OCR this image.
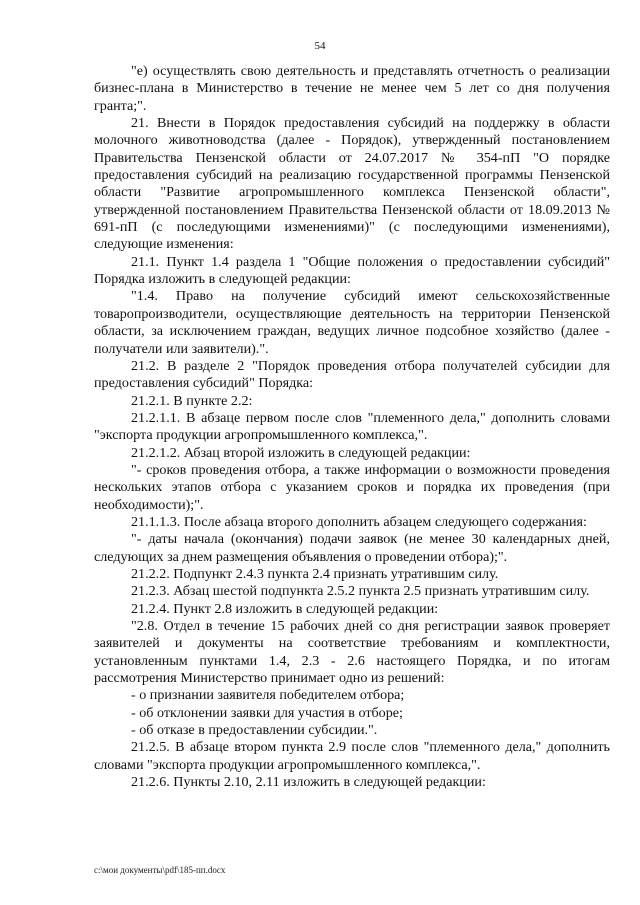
54

"е) осуществлять свою деятельность и представлять отчетность о реализации бизнес-плана в Министерство в течение не менее чем 5 лет со дня получения гранта;".

21. Внести в Порядок предоставления субсидий на поддержку в области молочного животноводства (далее - Порядок), утвержденный постановлением Правительства Пензенской области от 24.07.2017 № 354-пП "О порядке предоставления субсидий на реализацию государственной программы Пензенской области "Развитие агропромышленного комплекса Пензенской области", утвержденной постановлением Правительства Пензенской области от 18.09.2013 № 691-пП (с последующими изменениями)" (с последующими изменениями), следующие изменения:

21.1. Пункт 1.4 раздела 1 "Общие положения о предоставлении субсидий" Порядка изложить в следующей редакции:

"1.4. Право на получение субсидий имеют сельскохозяйственные товаропроизводители, осуществляющие деятельность на территории Пензенской области, за исключением граждан, ведущих личное подсобное хозяйство (далее - получатели или заявители).".

21.2. В разделе 2 "Порядок проведения отбора получателей субсидии для предоставления субсидий" Порядка:

21.2.1. В пункте 2.2:

21.2.1.1. В абзаце первом после слов "племенного дела," дополнить словами "экспорта продукции агропромышленного комплекса,".

21.2.1.2. Абзац второй изложить в следующей редакции:

"- сроков проведения отбора, а также информации о возможности проведения нескольких этапов отбора с указанием сроков и порядка их проведения (при необходимости);".

21.1.1.3. После абзаца второго дополнить абзацем следующего содержания:

"- даты начала (окончания) подачи заявок (не менее 30 календарных дней, следующих за днем размещения объявления о проведении отбора);".

21.2.2. Подпункт 2.4.3 пункта 2.4 признать утратившим силу.

21.2.3. Абзац шестой подпункта 2.5.2 пункта 2.5 признать утратившим силу.

21.2.4. Пункт 2.8 изложить в следующей редакции:

"2.8. Отдел в течение 15 рабочих дней со дня регистрации заявок проверяет заявителей и документы на соответствие требованиям и комплектности, установленным пунктами 1.4, 2.3 - 2.6 настоящего Порядка, и по итогам рассмотрения Министерство принимает одно из решений:

- о признании заявителя победителем отбора;

- об отклонении заявки для участия в отборе;

- об отказе в предоставлении субсидии.".

21.2.5. В абзаце втором пункта 2.9 после слов "племенного дела," дополнить словами "экспорта продукции агропромышленного комплекса,".

21.2.6. Пункты 2.10, 2.11 изложить в следующей редакции:

c:\мои документы\pdf\185-пп.docx
